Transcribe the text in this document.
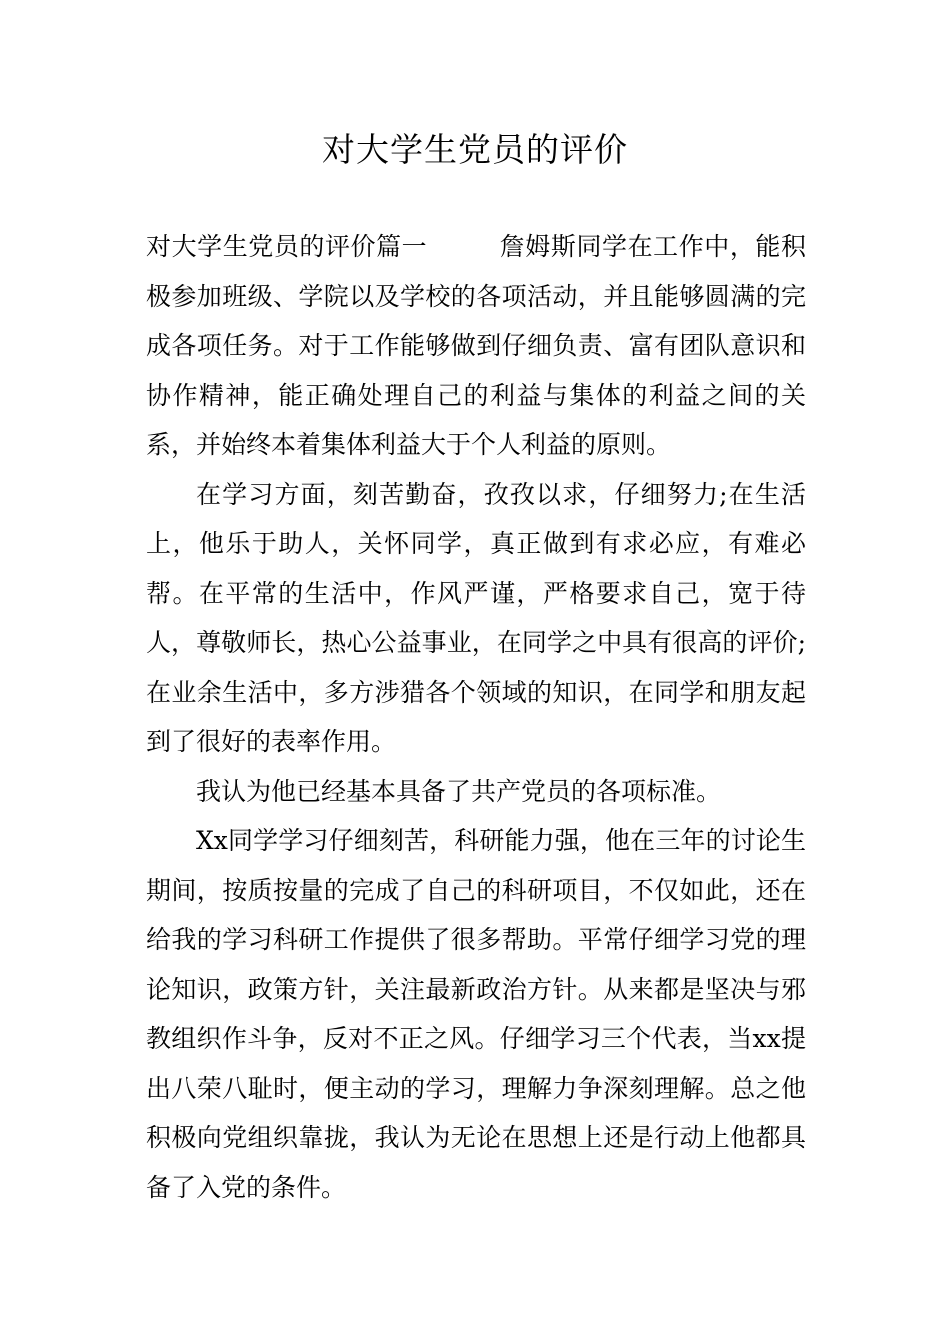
对大学生党员的评价

对大学生党员的评价篇一	詹姆斯同学在工作中，能积极参加班级、学院以及学校的各项活动，并且能够圆满的完成各项任务。对于工作能够做到仔细负责、富有团队意识和协作精神，能正确处理自己的利益与集体的利益之间的关系，并始终本着集体利益大于个人利益的原则。

在学习方面，刻苦勤奋，孜孜以求，仔细努力;在生活上，他乐于助人，关怀同学，真正做到有求必应，有难必帮。在平常的生活中，作风严谨，严格要求自己，宽于待人，尊敬师长，热心公益事业，在同学之中具有很高的评价;在业余生活中，多方涉猎各个领域的知识，在同学和朋友起到了很好的表率作用。

我认为他已经基本具备了共产党员的各项标准。

Xx同学学习仔细刻苦，科研能力强，他在三年的讨论生期间，按质按量的完成了自己的科研项目，不仅如此，还在给我的学习科研工作提供了很多帮助。平常仔细学习党的理论知识，政策方针，关注最新政治方针。从来都是坚决与邪教组织作斗争，反对不正之风。仔细学习三个代表，当xx提出八荣八耻时，便主动的学习，理解力争深刻理解。总之他积极向党组织靠拢，我认为无论在思想上还是行动上他都具备了入党的条件。
